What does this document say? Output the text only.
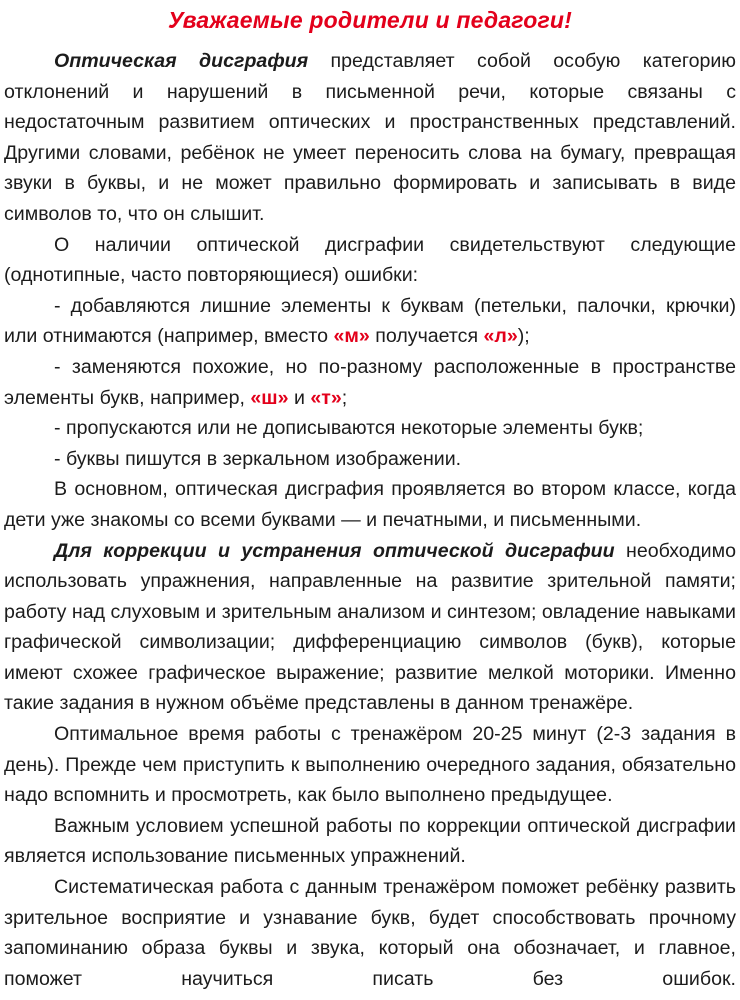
Уважаемые родители и педагоги!

Оптическая дисграфия представляет собой особую категорию отклонений и нарушений в письменной речи, которые связаны с недостаточным развитием оптических и пространственных представлений. Другими словами, ребёнок не умеет переносить слова на бумагу, превращая звуки в буквы, и не может правильно формировать и записывать в виде символов то, что он слышит.

О наличии оптической дисграфии свидетельствуют следующие (однотипные, часто повторяющиеся) ошибки:

- добавляются лишние элементы к буквам (петельки, палочки, крючки) или отнимаются (например, вместо «м» получается «л»);

- заменяются похожие, но по-разному расположенные в пространстве элементы букв, например, «ш» и «т»;

- пропускаются или не дописываются некоторые элементы букв;

- буквы пишутся в зеркальном изображении.

В основном, оптическая дисграфия проявляется во втором классе, когда дети уже знакомы со всеми буквами — и печатными, и письменными.

Для коррекции и устранения оптической дисграфии необходимо использовать упражнения, направленные на развитие зрительной памяти; работу над слуховым и зрительным анализом и синтезом; овладение навыками графической символизации; дифференциацию символов (букв), которые имеют схожее графическое выражение; развитие мелкой моторики. Именно такие задания в нужном объёме представлены в данном тренажёре.

Оптимальное время работы с тренажёром 20-25 минут (2-3 задания в день). Прежде чем приступить к выполнению очередного задания, обязательно надо вспомнить и просмотреть, как было выполнено предыдущее.

Важным условием успешной работы по коррекции оптической дисграфии является использование письменных упражнений.

Систематическая работа с данным тренажёром поможет ребёнку развить зрительное восприятие и узнавание букв, будет способствовать прочному запоминанию образа буквы и звука, который она обозначает, и главное, поможет научиться писать без ошибок.
